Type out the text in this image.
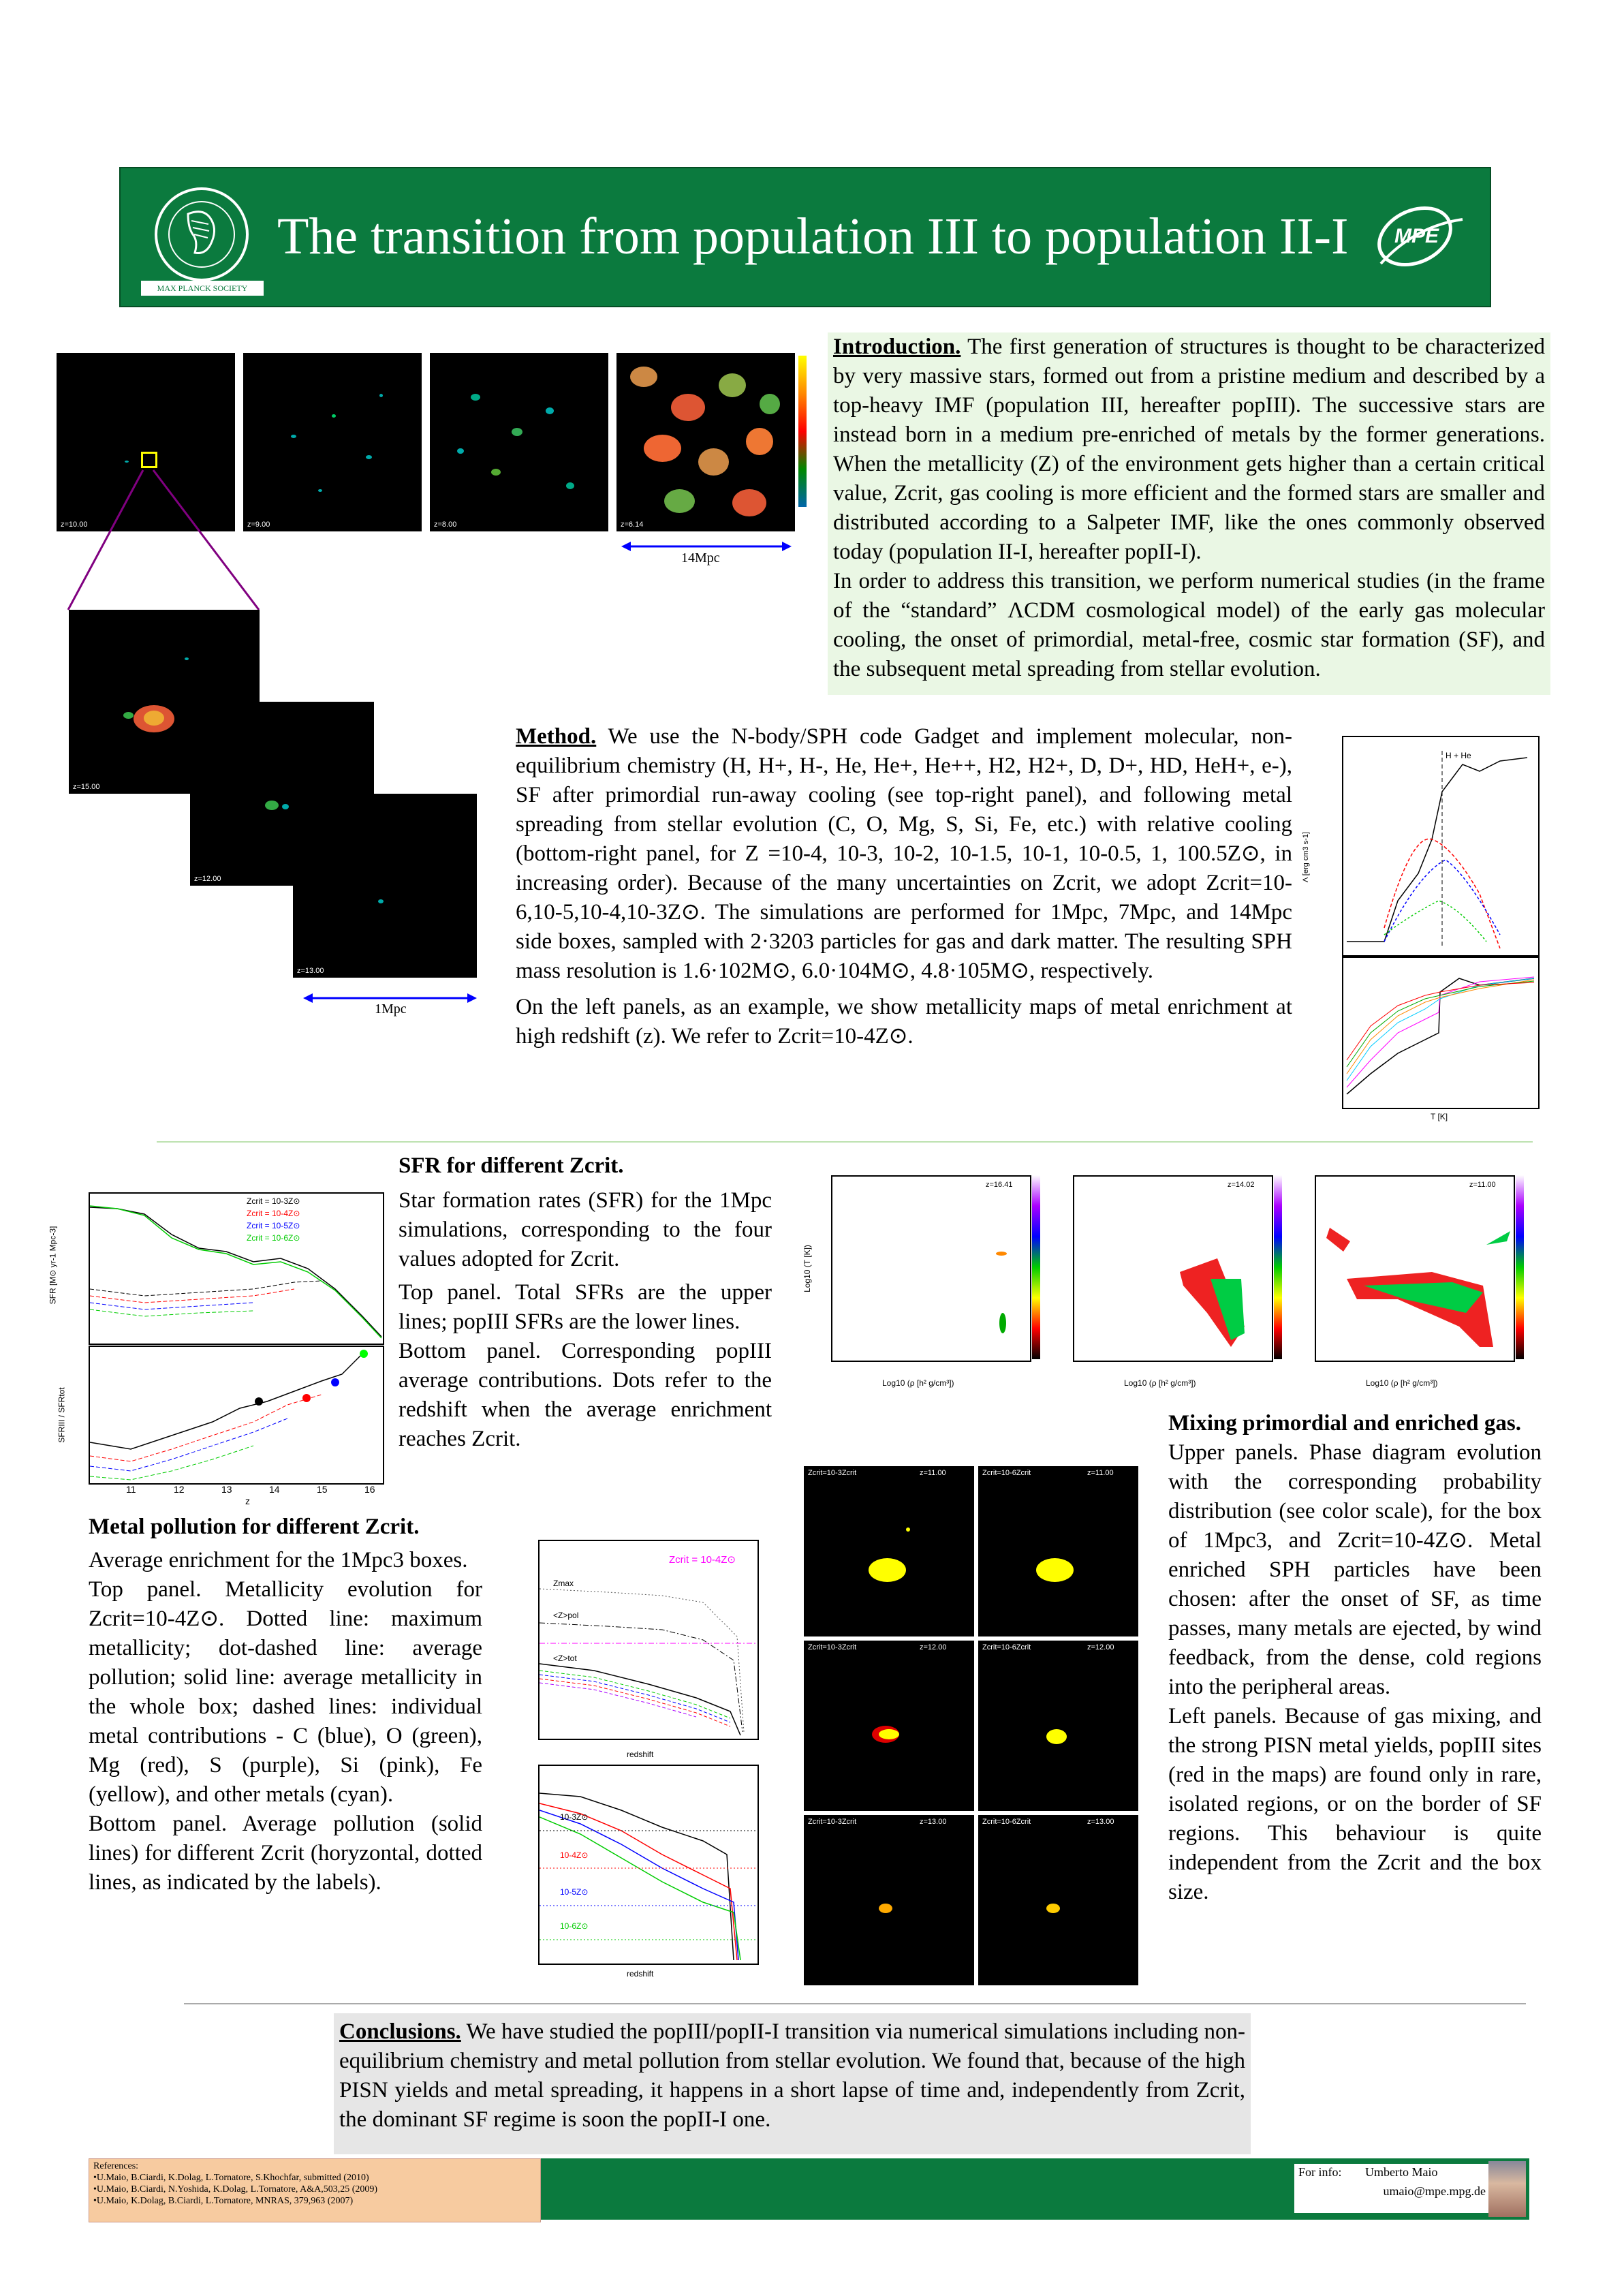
MAX PLANCK SOCIETY
The transition from population III to population II-I	MPE
z=10.00	z=9.00	z=8.00	z=6.14
14Mpc
z=15.00
z=12.00
z=13.00
1Mpc
Introduction. The first generation of structures is thought to be characterized by very massive stars, formed out from a pristine medium and described by a top-heavy IMF (population III, hereafter popIII). The successive stars are instead born in a medium pre-enriched of metals by the former generations. When the metallicity (Z) of the environment gets higher than a certain critical value, Zcrit, gas cooling is more efficient and the formed stars are smaller and distributed according to a Salpeter IMF, like the ones commonly observed today (population II-I, hereafter popII-I).
In order to address this transition, we perform numerical studies (in the frame of the “standard” ΛCDM cosmological model) of the early gas molecular cooling, the onset of primordial, metal-free, cosmic star formation (SF), and the subsequent metal spreading from stellar evolution.
Method. We use the N-body/SPH code Gadget and implement molecular, non-equilibrium chemistry (H, H+, H-, He, He+, He++, H2, H2+, D, D+, HD, HeH+, e-), SF after primordial run-away cooling (see top-right panel), and following metal spreading from stellar evolution (C, O, Mg, S, Si, Fe, etc.) with relative cooling (bottom-right panel, for Z =10-4, 10-3, 10-2, 10-1.5, 10-1, 10-0.5, 1, 100.5Z⊙, in increasing order). Because of the many uncertainties on Zcrit, we adopt Zcrit=10-6,10-5,10-4,10-3Z⊙. The simulations are performed for 1Mpc, 7Mpc, and 14Mpc side boxes, sampled with 2·3203 particles for gas and dark matter. The resulting SPH mass resolution is 1.6·102M⊙, 6.0·104M⊙, 4.8·105M⊙, respectively.
On the left panels, as an example, we show metallicity maps of metal enrichment at high redshift (z). We refer to Zcrit=10-4Z⊙.
H + He
T [K]
Λ [erg cm3 s-1]
Zcrit = 10-3Z⊙
Zcrit = 10-4Z⊙
Zcrit = 10-5Z⊙
Zcrit = 10-6Z⊙
SFR [M⊙ yr-1 Mpc-3]
SFRIII / SFRtot
z
11	12	13	14	15	16
SFR for different Zcrit.
Star formation rates (SFR) for the 1Mpc simulations, corresponding to the four values adopted for Zcrit.
Top panel. Total SFRs are the upper lines; popIII SFRs are the lower lines.
Bottom panel. Corresponding popIII average contributions. Dots refer to the redshift when the average enrichment reaches Zcrit.
Metal pollution for different Zcrit.
Average enrichment for the 1Mpc3 boxes.
Top panel. Metallicity evolution for Zcrit=10-4Z⊙. Dotted line: maximum metallicity; dot-dashed line: average pollution; solid line: average metallicity in the whole box; dashed lines: individual metal contributions - C (blue), O (green), Mg (red), S (purple), Si (pink), Fe (yellow), and other metals (cyan).
Bottom panel. Average pollution (solid lines) for different Zcrit (horyzontal, dotted lines, as indicated by the labels).
Zcrit = 10-4Z⊙
Zmax
<Z>pol
<Z>tot
redshift
10-3Z⊙
10-4Z⊙
10-5Z⊙
10-6Z⊙
redshift
z=16.41	z=14.02	z=11.00
Log10 (ρ [h² g/cm³])	Log10 (ρ [h² g/cm³])	Log10 (ρ [h² g/cm³])
Log10 (T [K])
Zcrit=10-3Zcrit	z=11.00	Zcrit=10-6Zcrit	z=11.00
Zcrit=10-3Zcrit	z=12.00	Zcrit=10-6Zcrit	z=12.00
Zcrit=10-3Zcrit	z=13.00	Zcrit=10-6Zcrit	z=13.00
Mixing primordial and enriched gas.
Upper panels. Phase diagram evolution with the corresponding probability distribution (see color scale), for the box of 1Mpc3, and Zcrit=10-4Z⊙. Metal enriched SPH particles have been chosen: after the onset of SF, as time passes, many metals are ejected, by wind feedback, from the dense, cold regions into the peripheral areas.
Left panels. Because of gas mixing, and the strong PISN metal yields, popIII sites (red in the maps) are found only in rare, isolated regions, or on the border of SF regions. This behaviour is quite independent from the Zcrit and the box size.
Conclusions. We have studied the popIII/popII-I transition via numerical simulations including non-equilibrium chemistry and metal pollution from stellar evolution. We found that, because of the high PISN yields and metal spreading, it happens in a short lapse of time and, independently from Zcrit, the dominant SF regime is soon the popII-I one.
References:
•U.Maio, B.Ciardi, K.Dolag, L.Tornatore, S.Khochfar, submitted (2010)
•U.Maio, B.Ciardi, N.Yoshida, K.Dolag, L.Tornatore, A&A,503,25 (2009)
•U.Maio, K.Dolag, B.Ciardi, L.Tornatore, MNRAS, 379,963 (2007)
For info: Umberto Maio
umaio@mpe.mpg.de
